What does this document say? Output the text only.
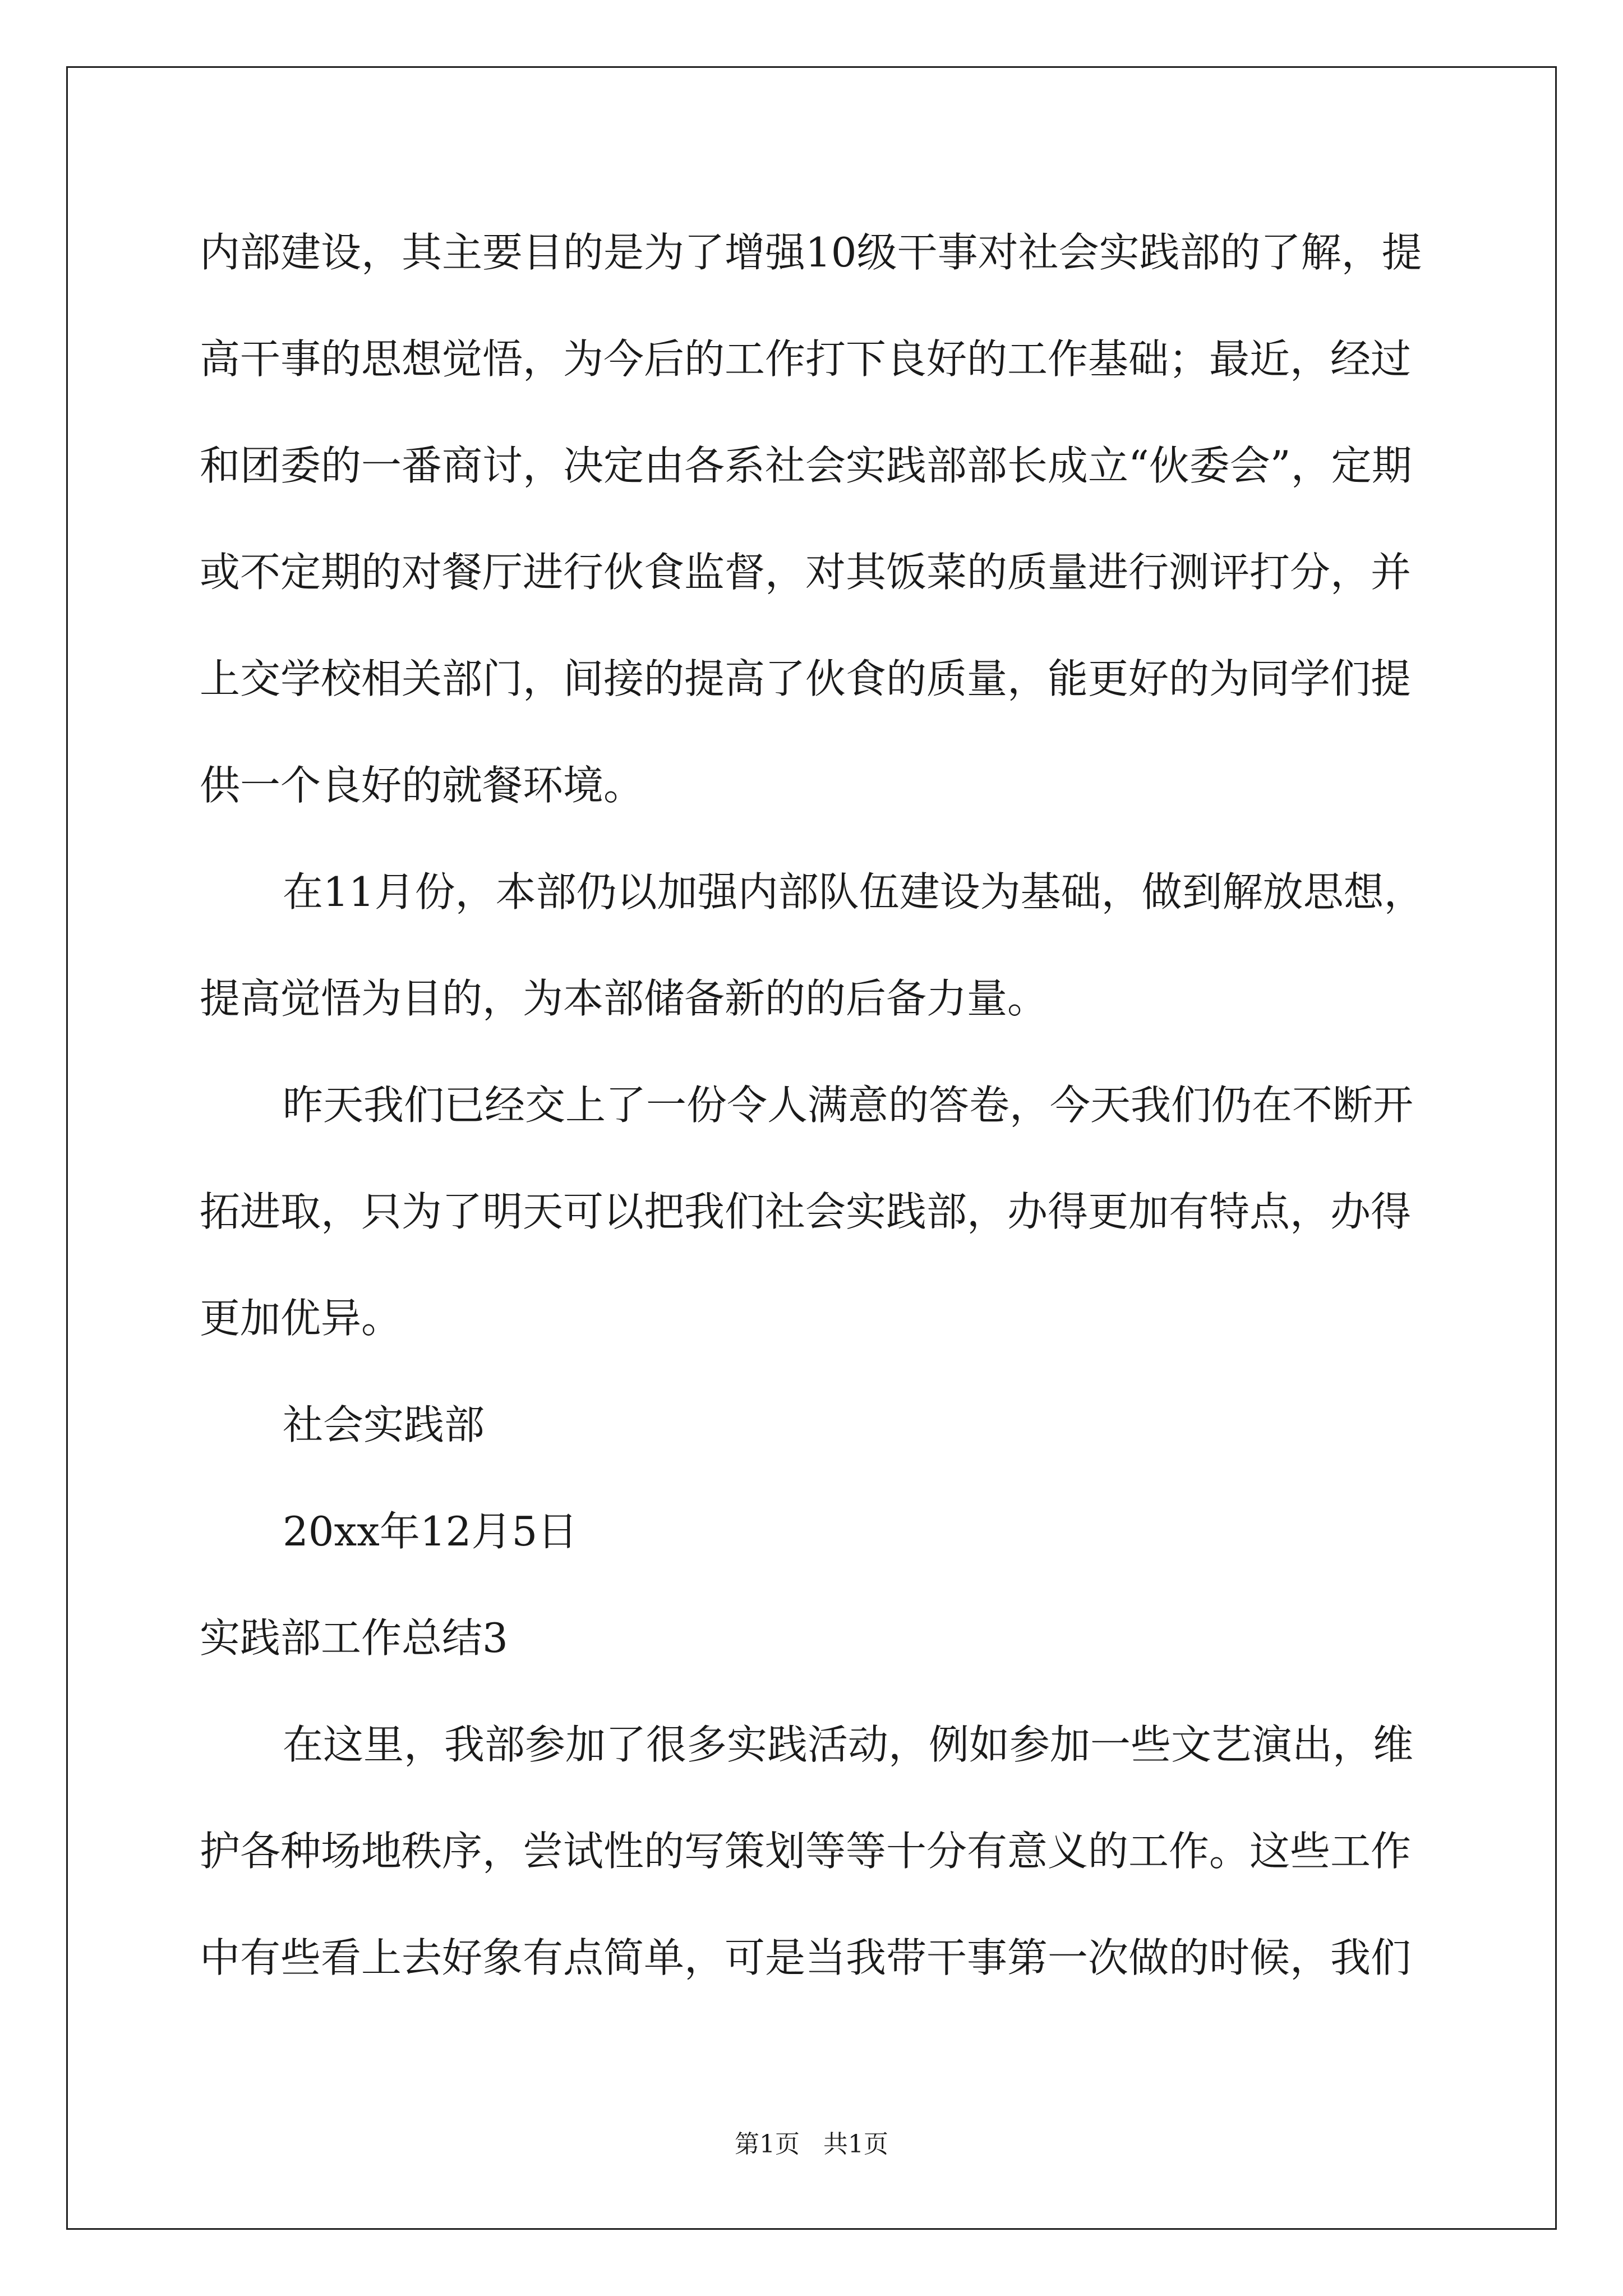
内部建设，其主要目的是为了增强10级干事对社会实践部的了解，提
高干事的思想觉悟，为今后的工作打下良好的工作基础；最近，经过
和团委的一番商讨，决定由各系社会实践部部长成立“伙委会”，定期
或不定期的对餐厅进行伙食监督，对其饭菜的质量进行测评打分，并
上交学校相关部门，间接的提高了伙食的质量，能更好的为同学们提
供一个良好的就餐环境。
在11月份，本部仍以加强内部队伍建设为基础，做到解放思想，
提高觉悟为目的，为本部储备新的的后备力量。
昨天我们已经交上了一份令人满意的答卷，今天我们仍在不断开
拓进取，只为了明天可以把我们社会实践部，办得更加有特点，办得
更加优异。
社会实践部
20xx年12月5日
实践部工作总结3
在这里，我部参加了很多实践活动，例如参加一些文艺演出，维
护各种场地秩序，尝试性的写策划等等十分有意义的工作。这些工作
中有些看上去好象有点简单，可是当我带干事第一次做的时候，我们
第1页   共1页
